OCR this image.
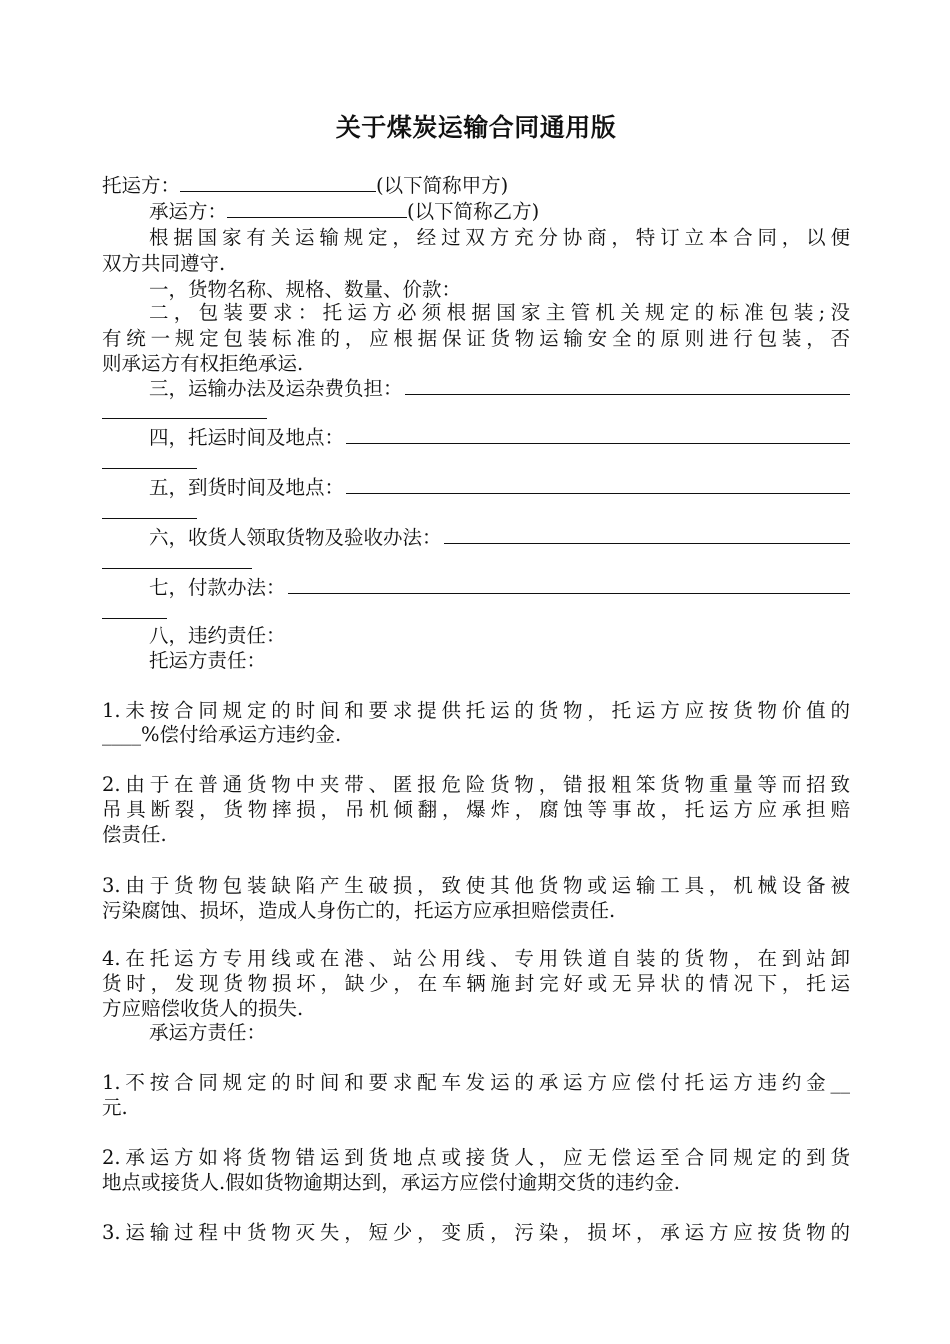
关于煤炭运输合同通用版
托运方：	(以下简称甲方)
承运方：	(以下简称乙方)
根据国家有关运输规定，经过双方充分协商，特订立本合同，以便
双方共同遵守.
一，货物名称、规格、数量、价款：
二，包装要求：托运方必须根据国家主管机关规定的标准包装;没
有统一规定包装标准的，应根据保证货物运输安全的原则进行包装，否
则承运方有权拒绝承运.
三，运输办法及运杂费负担：
四，托运时间及地点：
五，到货时间及地点：
六，收货人领取货物及验收办法：
七，付款办法：
八，违约责任：
托运方责任：
1.未按合同规定的时间和要求提供托运的货物，托运方应按货物价值的
____%偿付给承运方违约金.
2.由于在普通货物中夹带、匿报危险货物，错报粗笨货物重量等而招致
吊具断裂，货物摔损，吊机倾翻，爆炸，腐蚀等事故，托运方应承担赔
偿责任.
3.由于货物包装缺陷产生破损，致使其他货物或运输工具，机械设备被
污染腐蚀、损坏，造成人身伤亡的，托运方应承担赔偿责任.
4.在托运方专用线或在港、站公用线、专用铁道自装的货物，在到站卸
货时，发现货物损坏，缺少，在车辆施封完好或无异状的情况下，托运
方应赔偿收货人的损失.
承运方责任：
1.不按合同规定的时间和要求配车发运的承运方应偿付托运方违约金__
元.
2.承运方如将货物错运到货地点或接货人，应无偿运至合同规定的到货
地点或接货人.假如货物逾期达到，承运方应偿付逾期交货的违约金.
3.运输过程中货物灭失，短少，变质，污染，损坏，承运方应按货物的
